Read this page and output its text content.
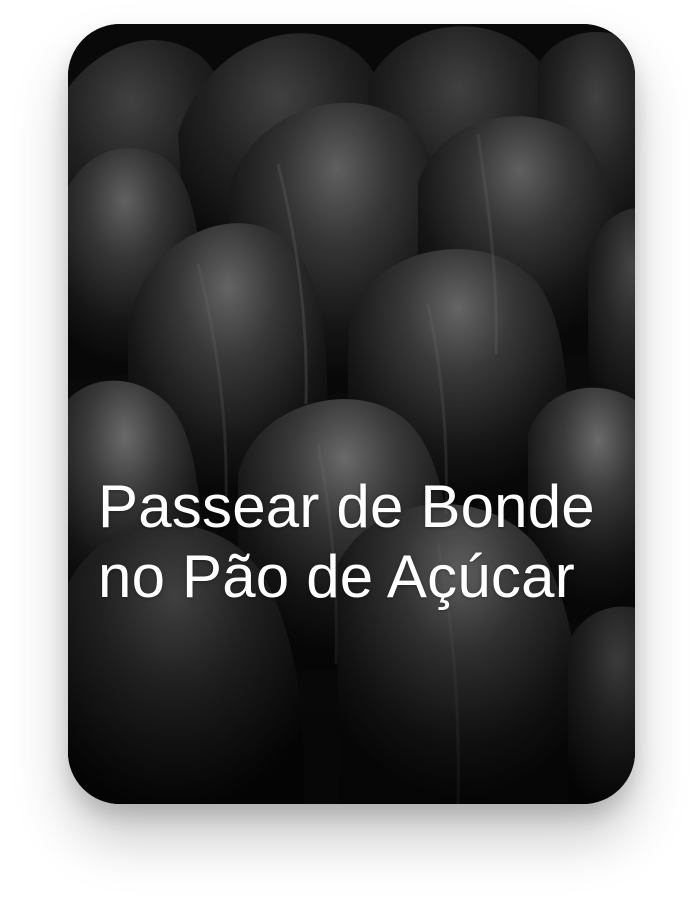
Passear de Bonde no Pão de Açúcar
